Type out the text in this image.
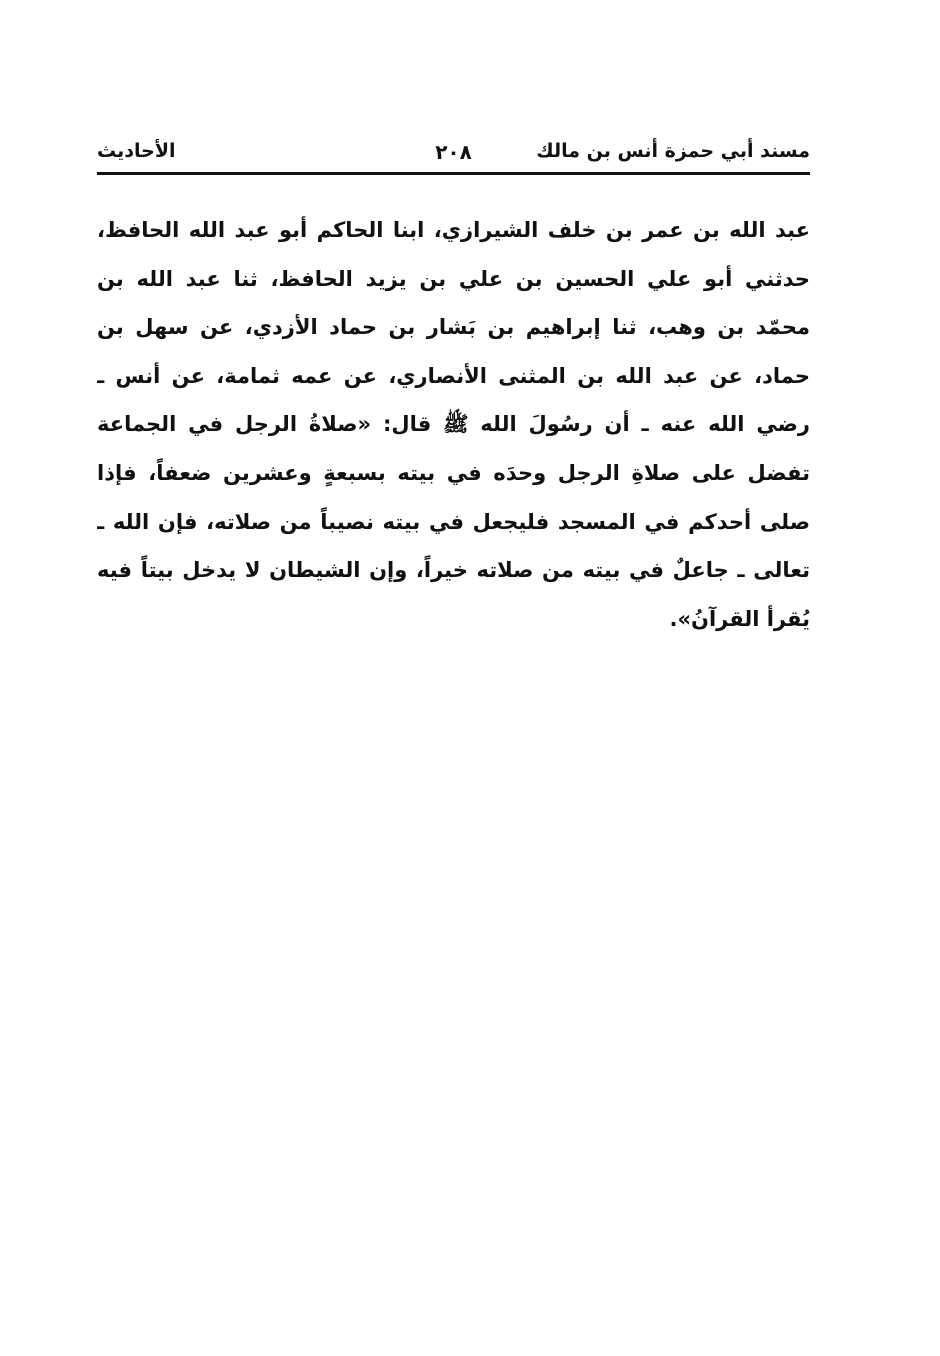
مسند أبي حمزة أنس بن مالك
٢٠٨
الأحاديث
عبد الله بن عمر بن خلف الشيرازي، ابنا الحاكم أبو عبد الله الحافظ،
حدثني أبو علي الحسين بن علي بن يزيد الحافظ، ثنا عبد الله بن
محمّد بن وهب، ثنا إبراهيم بن بَشار بن حماد الأزدي، عن سهل بن
حماد، عن عبد الله بن المثنى الأنصاري، عن عمه ثمامة، عن أنس ـ
رضي الله عنه ـ أن رسُولَ الله ﷺ قال: «صلاةُ الرجل في الجماعة
تفضل على صلاةِ الرجل وحدَه في بيته بسبعةٍ وعشرين ضعفاً، فإذا
صلى أحدكم في المسجد فليجعل في بيته نصيباً من صلاته، فإن الله ـ
تعالى ـ جاعلٌ في بيته من صلاته خيراً، وإن الشيطان لا يدخل بيتاً فيه
يُقرأ القرآنُ».
